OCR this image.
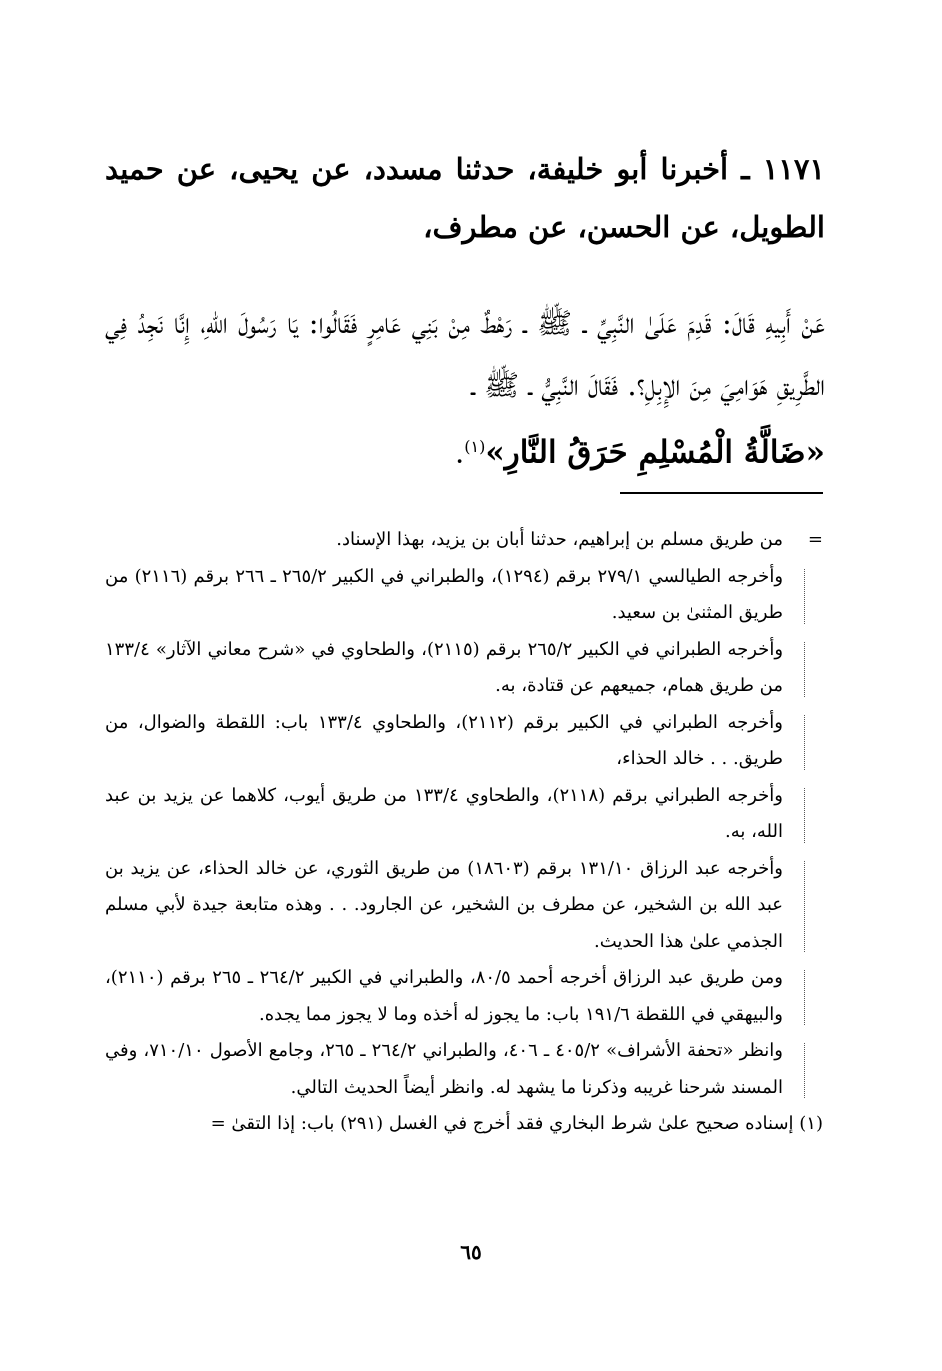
١١٧١ ـ أخبرنا أبو خليفة، حدثنا مسدد، عن يحيى، عن حميد الطويل، عن الحسن، عن مطرف،
عَنْ أَبِيهِ قَالَ: قَدِمَ عَلَىٰ النَّبِيِّ ـ ﷺ ـ رَهْطٌ مِنْ بَنِي عَامِرٍ فَقَالُوا: يَا رَسُولَ اللهِ، إِنَّا نَجِدُ فِي الطَّرِيقِ هَوَامِيَ مِنَ الإِبِلِ؟. فَقَالَ النَّبِيُّ ـ ﷺ ـ
«ضَالَّةُ الْمُسْلِمِ حَرَقُ النَّارِ»$^{(١)}$.

=
من طريق مسلم بن إبراهيم، حدثنا أبان بن يزيد، بهذا الإسناد.

وأخرجه الطيالسي ٢٧٩/١ برقم (١٢٩٤)، والطبراني في الكبير ٢٦٥/٢ ـ ٢٦٦ برقم (٢١١٦) من طريق المثنىٰ بن سعيد.

وأخرجه الطبراني في الكبير ٢٦٥/٢ برقم (٢١١٥)، والطحاوي في «شرح معاني الآثار» ١٣٣/٤ من طريق همام، جميعهم عن قتادة، به.

وأخرجه الطبراني في الكبير برقم (٢١١٢)، والطحاوي ١٣٣/٤ باب: اللقطة والضوال، من طريق. . . خالد الحذاء،

وأخرجه الطبراني برقم (٢١١٨)، والطحاوي ١٣٣/٤ من طريق أيوب، كلاهما عن يزيد بن عبد الله، به.

وأخرجه عبد الرزاق ١٣١/١٠ برقم (١٨٦٠٣) من طريق الثوري، عن خالد الحذاء، عن يزيد بن عبد الله بن الشخير، عن مطرف بن الشخير، عن الجارود. . . وهذه متابعة جيدة لأبي مسلم الجذمي علىٰ هذا الحديث.

ومن طريق عبد الرزاق أخرجه أحمد ٨٠/٥، والطبراني في الكبير ٢٦٤/٢ ـ ٢٦٥ برقم (٢١١٠)، والبيهقي في اللقطة ١٩١/٦ باب: ما يجوز له أخذه وما لا يجوز مما يجده.

وانظر «تحفة الأشراف» ٤٠٥/٢ ـ ٤٠٦، والطبراني ٢٦٤/٢ ـ ٢٦٥، وجامع الأصول ٧١٠/١٠، وفي المسند شرحنا غريبه وذكرنا ما يشهد له. وانظر أيضاً الحديث التالي.

(١) إسناده صحيح علىٰ شرط البخاري فقد أخرج في الغسل (٢٩١) باب: إذا التقىٰ =

٦٥
